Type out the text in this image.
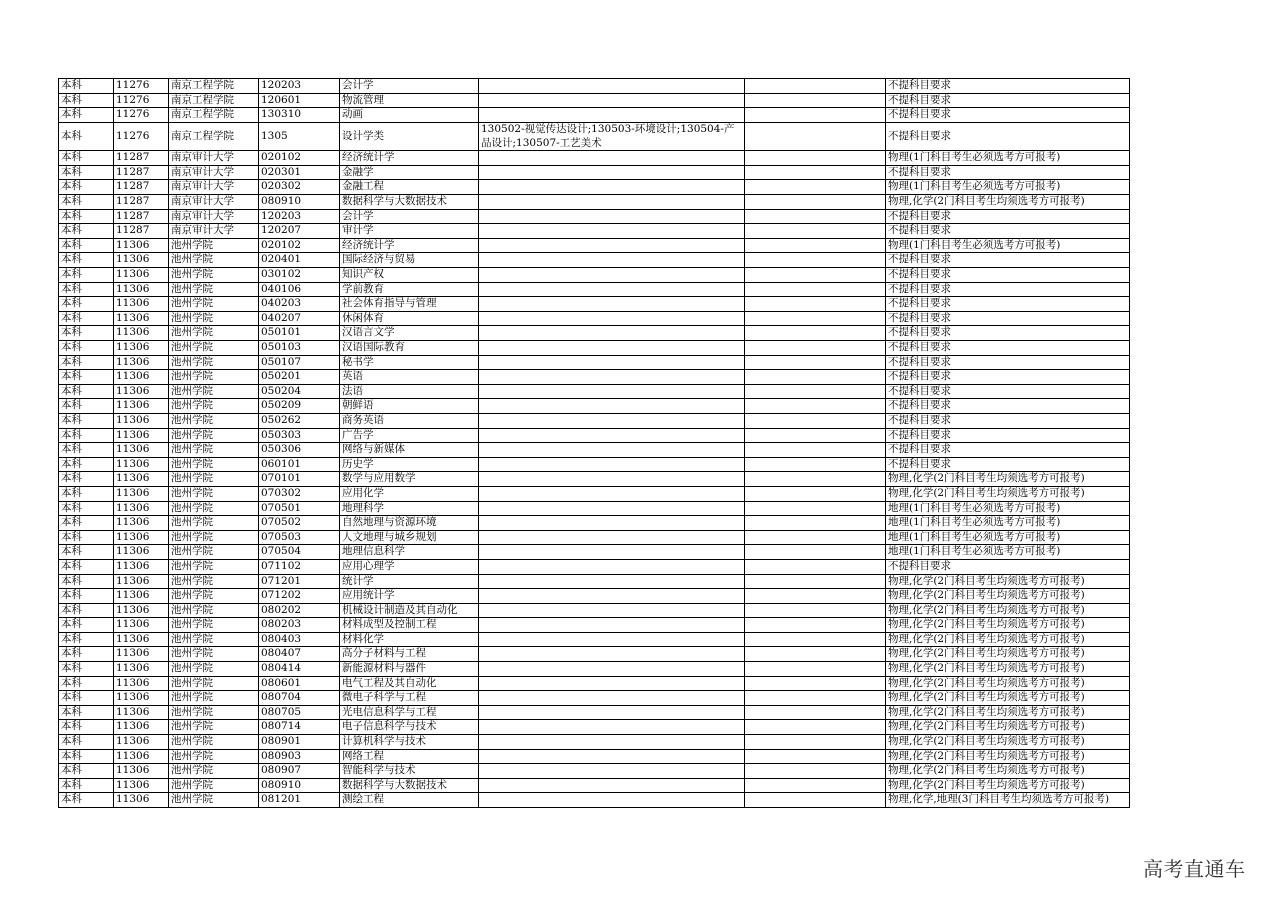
本科	11276	南京工程学院	120203	会计学			不提科目要求
本科	11276	南京工程学院	120601	物流管理			不提科目要求
本科	11276	南京工程学院	130310	动画			不提科目要求
本科	11276	南京工程学院	1305	设计学类	130502-视觉传达设计;130503-环境设计;130504-产品设计;130507-工艺美术		不提科目要求
本科	11287	南京审计大学	020102	经济统计学			物理(1门科目考生必须选考方可报考)
本科	11287	南京审计大学	020301	金融学			不提科目要求
本科	11287	南京审计大学	020302	金融工程			物理(1门科目考生必须选考方可报考)
本科	11287	南京审计大学	080910	数据科学与大数据技术			物理,化学(2门科目考生均须选考方可报考)
本科	11287	南京审计大学	120203	会计学			不提科目要求
本科	11287	南京审计大学	120207	审计学			不提科目要求
本科	11306	池州学院	020102	经济统计学			物理(1门科目考生必须选考方可报考)
本科	11306	池州学院	020401	国际经济与贸易			不提科目要求
本科	11306	池州学院	030102	知识产权			不提科目要求
本科	11306	池州学院	040106	学前教育			不提科目要求
本科	11306	池州学院	040203	社会体育指导与管理			不提科目要求
本科	11306	池州学院	040207	休闲体育			不提科目要求
本科	11306	池州学院	050101	汉语言文学			不提科目要求
本科	11306	池州学院	050103	汉语国际教育			不提科目要求
本科	11306	池州学院	050107	秘书学			不提科目要求
本科	11306	池州学院	050201	英语			不提科目要求
本科	11306	池州学院	050204	法语			不提科目要求
本科	11306	池州学院	050209	朝鲜语			不提科目要求
本科	11306	池州学院	050262	商务英语			不提科目要求
本科	11306	池州学院	050303	广告学			不提科目要求
本科	11306	池州学院	050306	网络与新媒体			不提科目要求
本科	11306	池州学院	060101	历史学			不提科目要求
本科	11306	池州学院	070101	数学与应用数学			物理,化学(2门科目考生均须选考方可报考)
本科	11306	池州学院	070302	应用化学			物理,化学(2门科目考生均须选考方可报考)
本科	11306	池州学院	070501	地理科学			地理(1门科目考生必须选考方可报考)
本科	11306	池州学院	070502	自然地理与资源环境			地理(1门科目考生必须选考方可报考)
本科	11306	池州学院	070503	人文地理与城乡规划			地理(1门科目考生必须选考方可报考)
本科	11306	池州学院	070504	地理信息科学			地理(1门科目考生必须选考方可报考)
本科	11306	池州学院	071102	应用心理学			不提科目要求
本科	11306	池州学院	071201	统计学			物理,化学(2门科目考生均须选考方可报考)
本科	11306	池州学院	071202	应用统计学			物理,化学(2门科目考生均须选考方可报考)
本科	11306	池州学院	080202	机械设计制造及其自动化			物理,化学(2门科目考生均须选考方可报考)
本科	11306	池州学院	080203	材料成型及控制工程			物理,化学(2门科目考生均须选考方可报考)
本科	11306	池州学院	080403	材料化学			物理,化学(2门科目考生均须选考方可报考)
本科	11306	池州学院	080407	高分子材料与工程			物理,化学(2门科目考生均须选考方可报考)
本科	11306	池州学院	080414	新能源材料与器件			物理,化学(2门科目考生均须选考方可报考)
本科	11306	池州学院	080601	电气工程及其自动化			物理,化学(2门科目考生均须选考方可报考)
本科	11306	池州学院	080704	微电子科学与工程			物理,化学(2门科目考生均须选考方可报考)
本科	11306	池州学院	080705	光电信息科学与工程			物理,化学(2门科目考生均须选考方可报考)
本科	11306	池州学院	080714	电子信息科学与技术			物理,化学(2门科目考生均须选考方可报考)
本科	11306	池州学院	080901	计算机科学与技术			物理,化学(2门科目考生均须选考方可报考)
本科	11306	池州学院	080903	网络工程			物理,化学(2门科目考生均须选考方可报考)
本科	11306	池州学院	080907	智能科学与技术			物理,化学(2门科目考生均须选考方可报考)
本科	11306	池州学院	080910	数据科学与大数据技术			物理,化学(2门科目考生均须选考方可报考)
本科	11306	池州学院	081201	测绘工程			物理,化学,地理(3门科目考生均须选考方可报考)
高考直通车
